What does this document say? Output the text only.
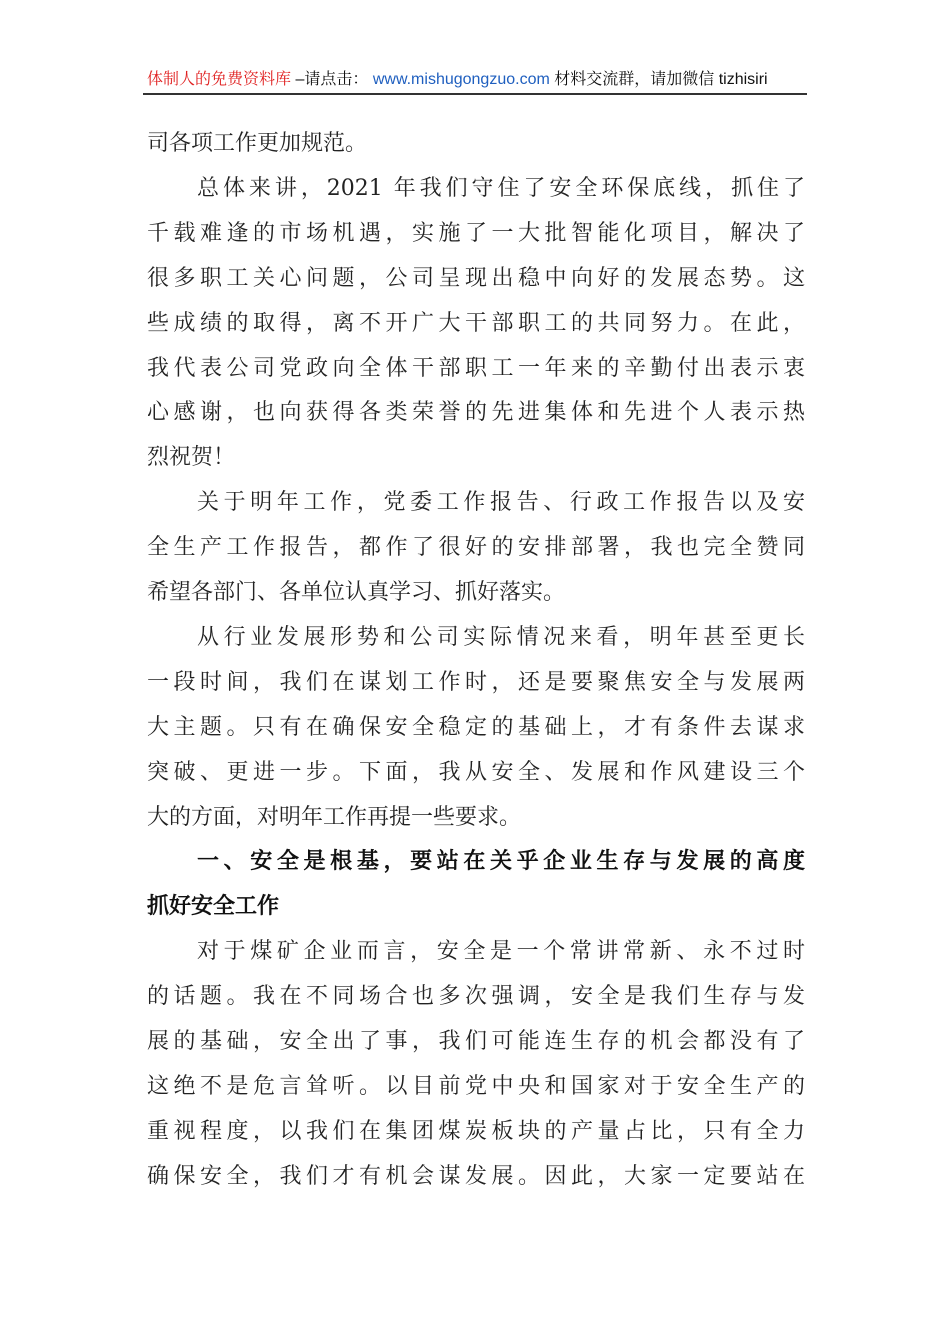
体制人的免费资料库 –请点击： www.mishugongzuo.com 材料交流群，请加微信 tizhisiri
司各项工作更加规范。
总体来讲，2021 年我们守住了安全环保底线，抓住了
千载难逢的市场机遇，实施了一大批智能化项目，解决了
很多职工关心问题，公司呈现出稳中向好的发展态势。这
些成绩的取得，离不开广大干部职工的共同努力。在此，
我代表公司党政向全体干部职工一年来的辛勤付出表示衷
心感谢，也向获得各类荣誉的先进集体和先进个人表示热
烈祝贺！
关于明年工作，党委工作报告、行政工作报告以及安
全生产工作报告，都作了很好的安排部署，我也完全赞同
希望各部门、各单位认真学习、抓好落实。
从行业发展形势和公司实际情况来看，明年甚至更长
一段时间，我们在谋划工作时，还是要聚焦安全与发展两
大主题。只有在确保安全稳定的基础上，才有条件去谋求
突破、更进一步。下面，我从安全、发展和作风建设三个
大的方面，对明年工作再提一些要求。
一、安全是根基，要站在关乎企业生存与发展的高度
抓好安全工作
对于煤矿企业而言，安全是一个常讲常新、永不过时
的话题。我在不同场合也多次强调，安全是我们生存与发
展的基础，安全出了事，我们可能连生存的机会都没有了
这绝不是危言耸听。以目前党中央和国家对于安全生产的
重视程度，以我们在集团煤炭板块的产量占比，只有全力
确保安全，我们才有机会谋发展。因此，大家一定要站在
